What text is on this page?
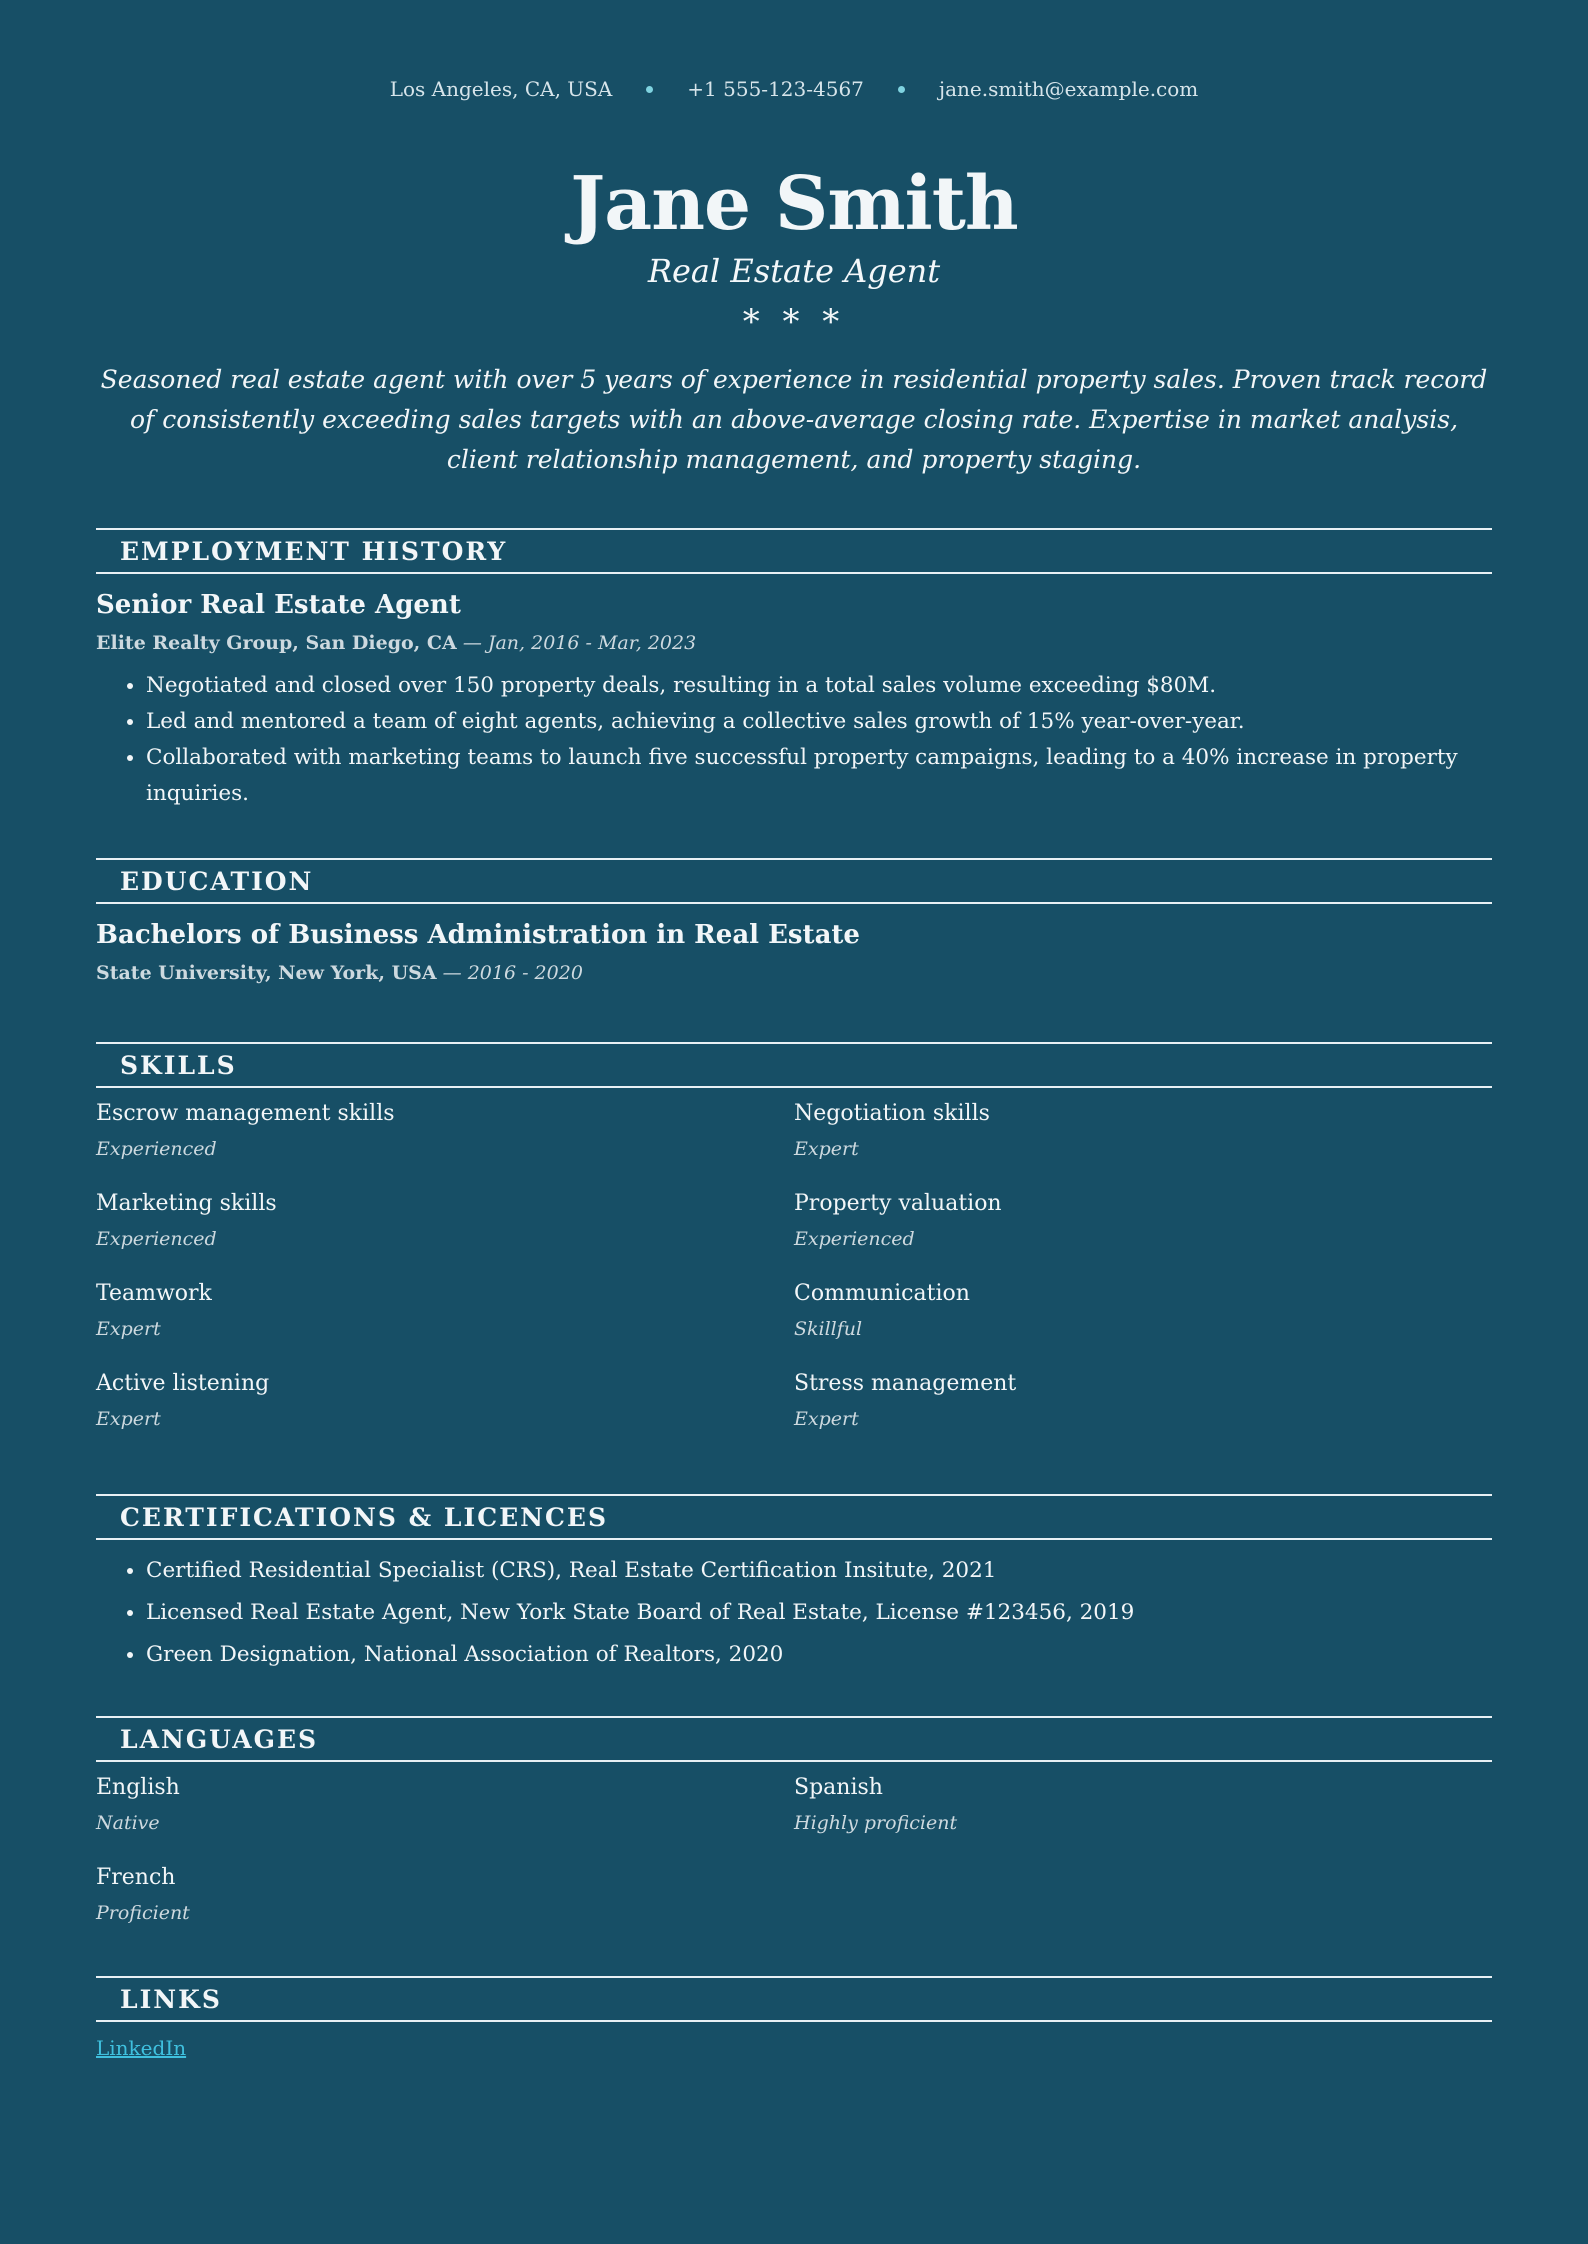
Los Angeles, CA, USA	+1 555-123-4567	jane.smith@example.com
Jane Smith
Real Estate Agent
* * *

Seasoned real estate agent with over 5 years of experience in residential property sales. Proven track record of consistently exceeding sales targets with an above-average closing rate. Expertise in market analysis, client relationship management, and property staging.

EMPLOYMENT HISTORY
Senior Real Estate Agent
Elite Realty Group, San Diego, CA — Jan, 2016 - Mar, 2023
• Negotiated and closed over 150 property deals, resulting in a total sales volume exceeding $80M.
• Led and mentored a team of eight agents, achieving a collective sales growth of 15% year-over-year.
• Collaborated with marketing teams to launch five successful property campaigns, leading to a 40% increase in property inquiries.
EDUCATION
Bachelors of Business Administration in Real Estate
State University, New York, USA — 2016 - 2020
SKILLS
Escrow management skills
Experienced
Negotiation skills
Expert
Marketing skills
Experienced
Property valuation
Experienced
Teamwork
Expert
Communication
Skillful
Active listening
Expert
Stress management
Expert
CERTIFICATIONS & LICENCES
• Certified Residential Specialist (CRS), Real Estate Certification Insitute, 2021
• Licensed Real Estate Agent, New York State Board of Real Estate, License #123456, 2019
• Green Designation, National Association of Realtors, 2020
LANGUAGES
English
Native
Spanish
Highly proficient
French
Proficient
LINKS
LinkedIn
